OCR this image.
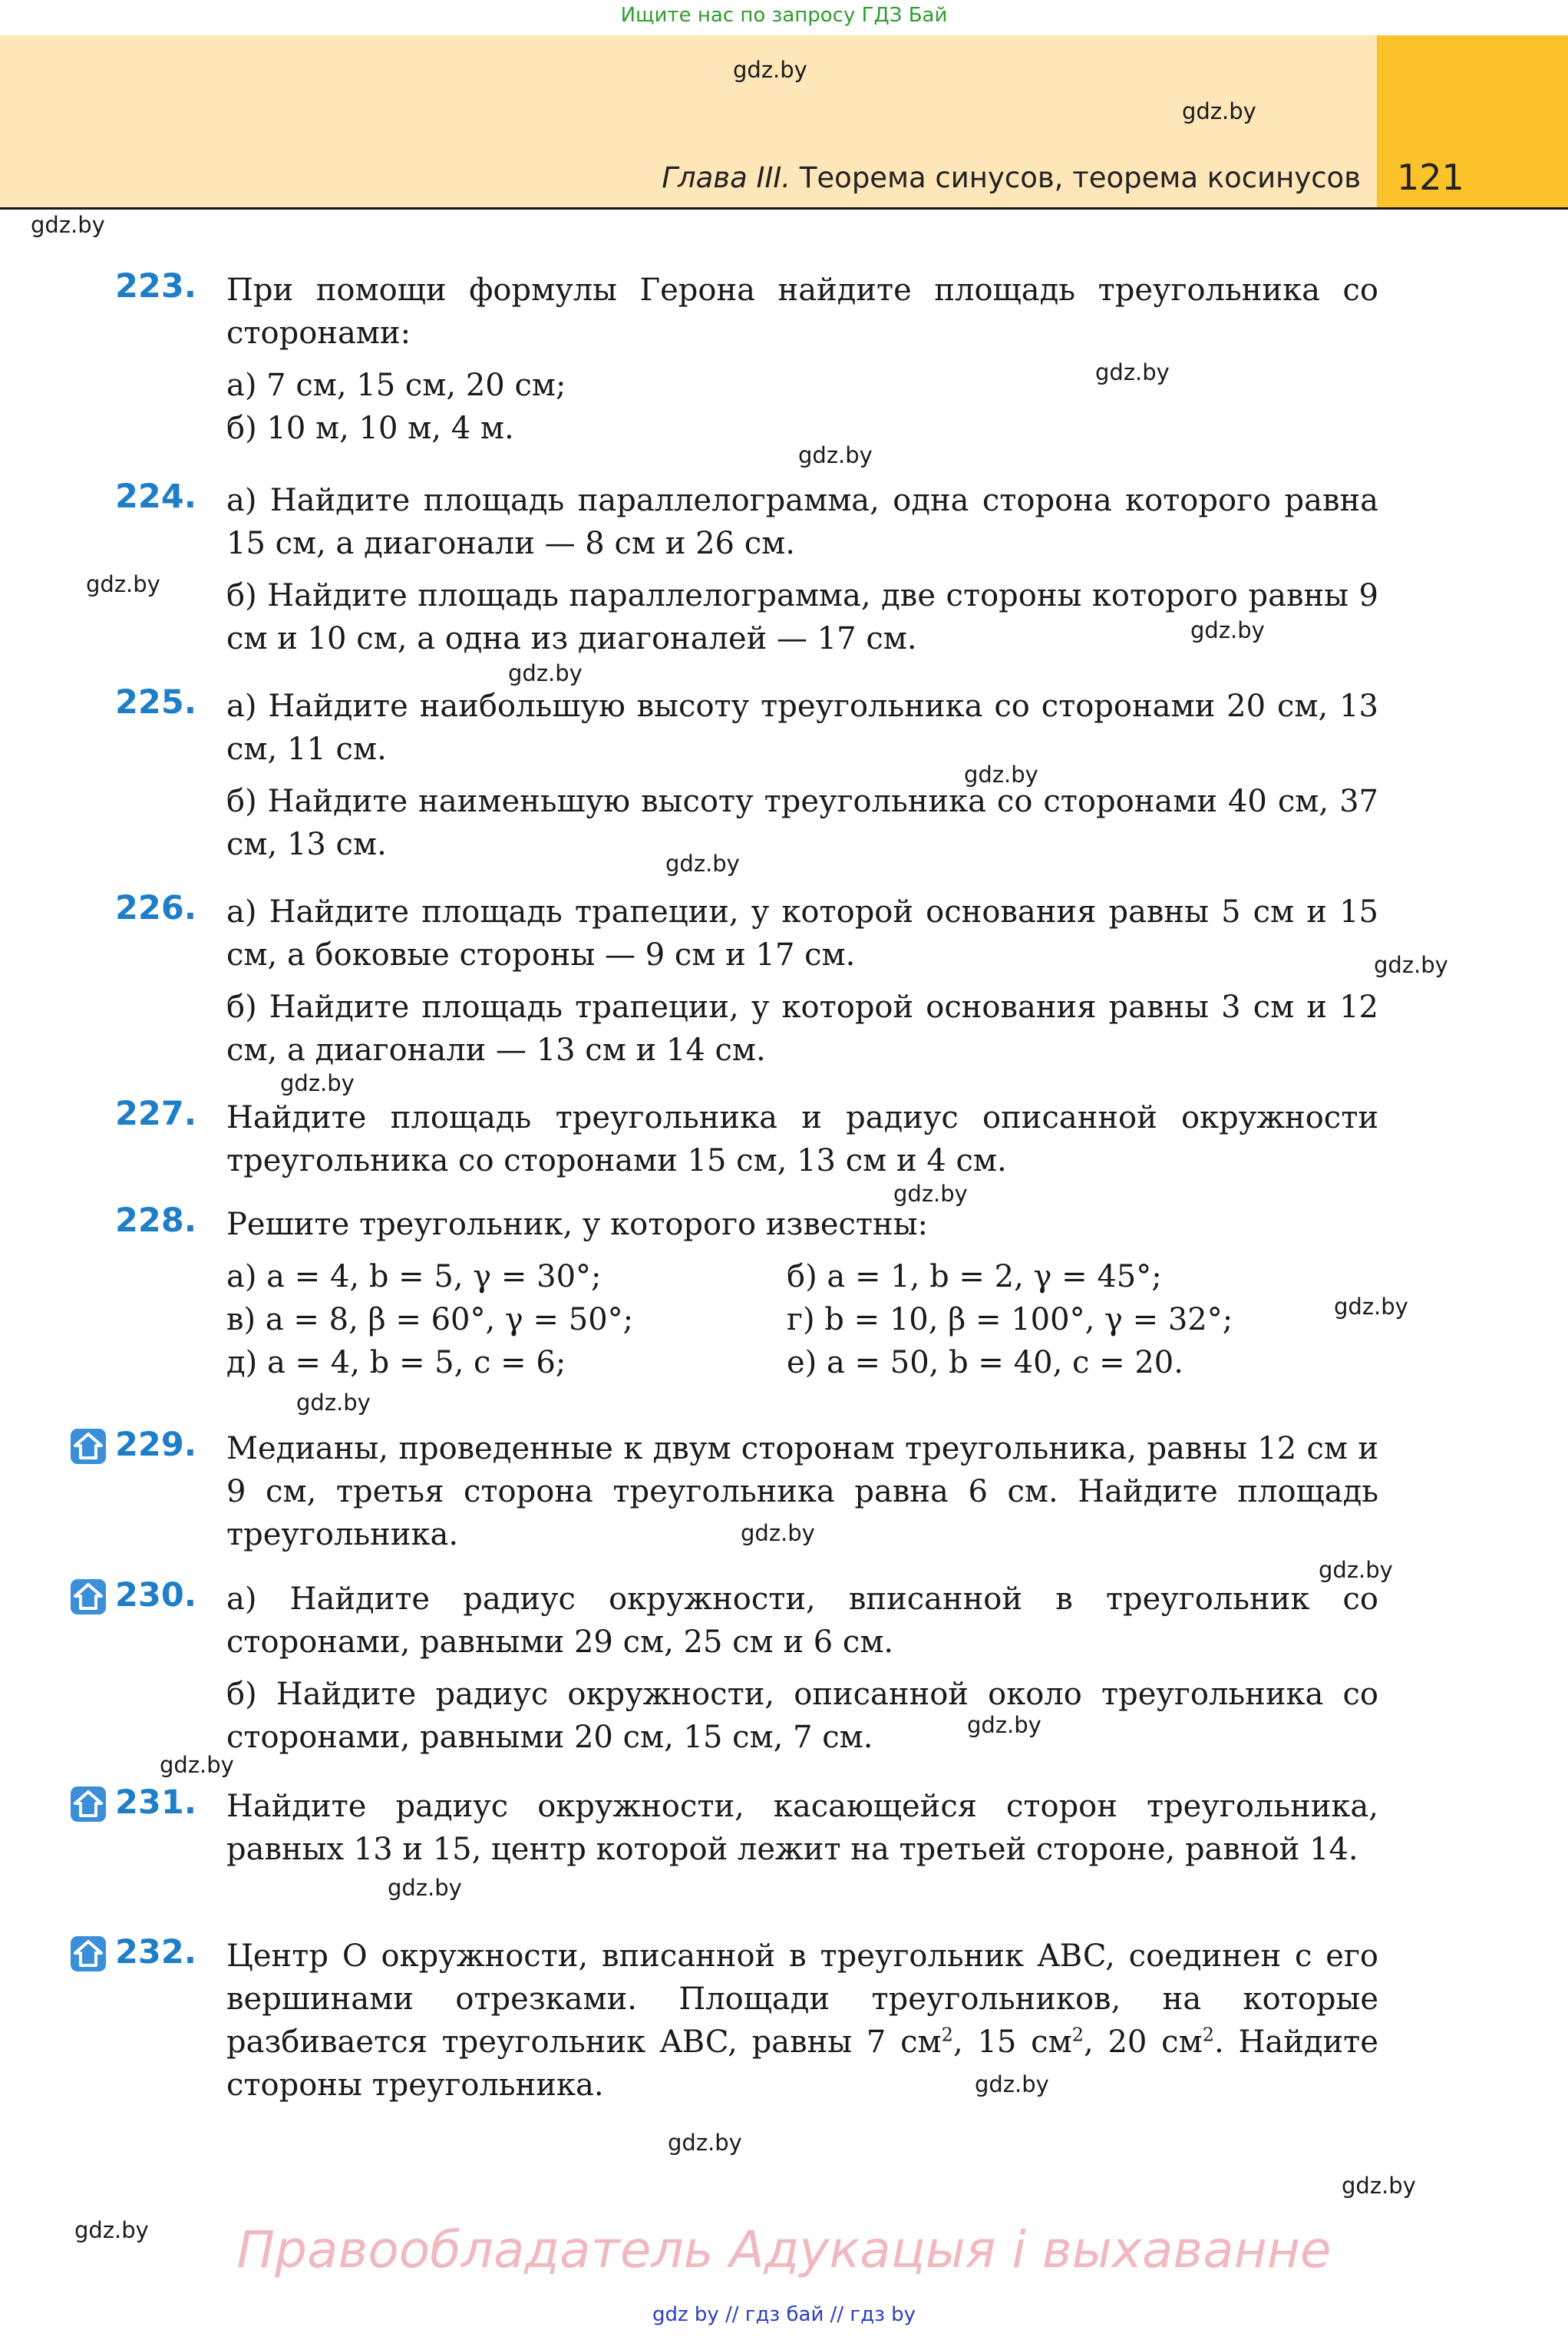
Ищите нас по запросу ГДЗ Бай
Глава III. Теорема синусов, теорема косинусов 121
gdz.by
gdz.by
gdz.by
gdz.by
gdz.by
gdz.by
gdz.by
gdz.by
gdz.by
gdz.by
gdz.by
gdz.by
gdz.by
gdz.by
gdz.by
gdz.by
gdz.by
gdz.by
gdz.by
gdz.by
gdz.by
gdz.by
gdz.by
gdz.by
223. При помощи формулы Герона найдите площадь треугольника со сторонами:

а) 7 см, 15 см, 20 см;

б) 10 м, 10 м, 4 м.

224. а) Найдите площадь параллелограмма, одна сторона которого равна 15 см, а диагонали — 8 см и 26 см.

б) Найдите площадь параллелограмма, две стороны которого равны 9 см и 10 см, а одна из диагоналей — 17 см.

225. а) Найдите наибольшую высоту треугольника со сторонами 20 см, 13 см, 11 см.

б) Найдите наименьшую высоту треугольника со сторонами 40 см, 37 см, 13 см.

226. а) Найдите площадь трапеции, у которой основания равны 5 см и 15 см, а боковые стороны — 9 см и 17 см.

б) Найдите площадь трапеции, у которой основания равны 3 см и 12 см, а диагонали — 13 см и 14 см.

227. Найдите площадь треугольника и радиус описанной окружности треугольника со сторонами 15 см, 13 см и 4 см.

228. Решите треугольник, у которого известны:

а) a = 4, b = 5, γ = 30°;	б) a = 1, b = 2, γ = 45°;
в) a = 8, β = 60°, γ = 50°;	г) b = 10, β = 100°, γ = 32°;
д) a = 4, b = 5, c = 6;	е) a = 50, b = 40, c = 20.
229. Медианы, проведенные к двум сторонам треугольника, равны 12 см и 9 см, третья сторона треугольника равна 6 см. Найдите площадь треугольника.

230. а) Найдите радиус окружности, вписанной в треугольник со сторонами, равными 29 см, 25 см и 6 см.

б) Найдите радиус окружности, описанной около треугольника со сторонами, равными 20 см, 15 см, 7 см.

231. Найдите радиус окружности, касающейся сторон треугольника, равных 13 и 15, центр которой лежит на третьей стороне, равной 14.

232. Центр O окружности, вписанной в треугольник ABC, соединен с его вершинами отрезками. Площади треугольников, на которые разбивается треугольник ABC, равны 7 $см^2$, 15 $см^2$, 20 $см^2$. Найдите стороны треугольника.

Правообладатель Адукацыя і выхаванне
gdz by // гдз бай // гдз by
